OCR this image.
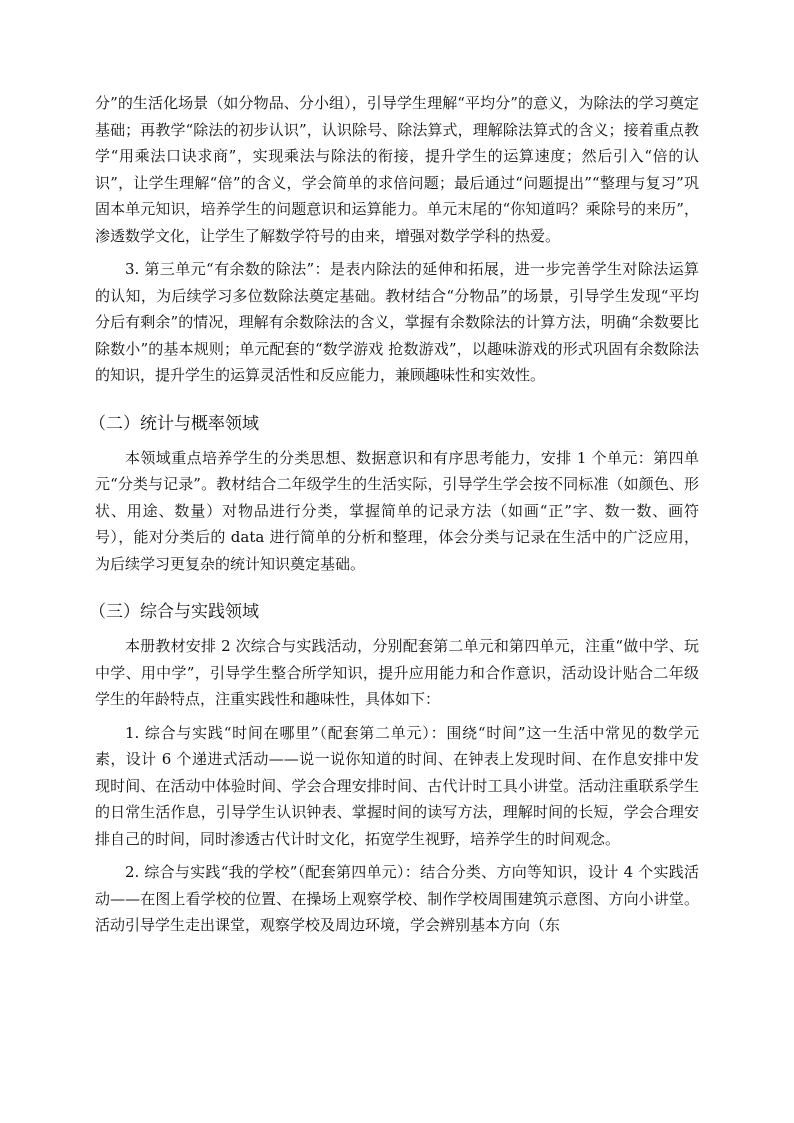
分”的生活化场景（如分物品、分小组），引导学生理解“平均分”的意义，为除法的学习奠定基础；再教学“除法的初步认识”，认识除号、除法算式，理解除法算式的含义；接着重点教学“用乘法口诀求商”，实现乘法与除法的衔接，提升学生的运算速度；然后引入“倍的认识”，让学生理解“倍”的含义，学会简单的求倍问题；最后通过“问题提出”“整理与复习”巩固本单元知识，培养学生的问题意识和运算能力。单元末尾的“你知道吗？乘除号的来历”，渗透数学文化，让学生了解数学符号的由来，增强对数学学科的热爱。

3. 第三单元“有余数的除法”：是表内除法的延伸和拓展，进一步完善学生对除法运算的认知，为后续学习多位数除法奠定基础。教材结合“分物品”的场景，引导学生发现“平均分后有剩余”的情况，理解有余数除法的含义，掌握有余数除法的计算方法，明确“余数要比除数小”的基本规则；单元配套的“数学游戏 抢数游戏”，以趣味游戏的形式巩固有余数除法的知识，提升学生的运算灵活性和反应能力，兼顾趣味性和实效性。

（二）统计与概率领域

本领域重点培养学生的分类思想、数据意识和有序思考能力，安排 1 个单元：第四单元“分类与记录”。教材结合二年级学生的生活实际，引导学生学会按不同标准（如颜色、形状、用途、数量）对物品进行分类，掌握简单的记录方法（如画“正”字、数一数、画符号），能对分类后的 data 进行简单的分析和整理，体会分类与记录在生活中的广泛应用，为后续学习更复杂的统计知识奠定基础。

（三）综合与实践领域

本册教材安排 2 次综合与实践活动，分别配套第二单元和第四单元，注重“做中学、玩中学、用中学”，引导学生整合所学知识，提升应用能力和合作意识，活动设计贴合二年级学生的年龄特点，注重实践性和趣味性，具体如下：

1. 综合与实践“时间在哪里”（配套第二单元）：围绕“时间”这一生活中常见的数学元素，设计 6 个递进式活动——说一说你知道的时间、在钟表上发现时间、在作息安排中发现时间、在活动中体验时间、学会合理安排时间、古代计时工具小讲堂。活动注重联系学生的日常生活作息，引导学生认识钟表、掌握时间的读写方法，理解时间的长短，学会合理安排自己的时间，同时渗透古代计时文化，拓宽学生视野，培养学生的时间观念。

2. 综合与实践“我的学校”（配套第四单元）：结合分类、方向等知识，设计 4 个实践活动——在图上看学校的位置、在操场上观察学校、制作学校周围建筑示意图、方向小讲堂。活动引导学生走出课堂，观察学校及周边环境，学会辨别基本方向（东
